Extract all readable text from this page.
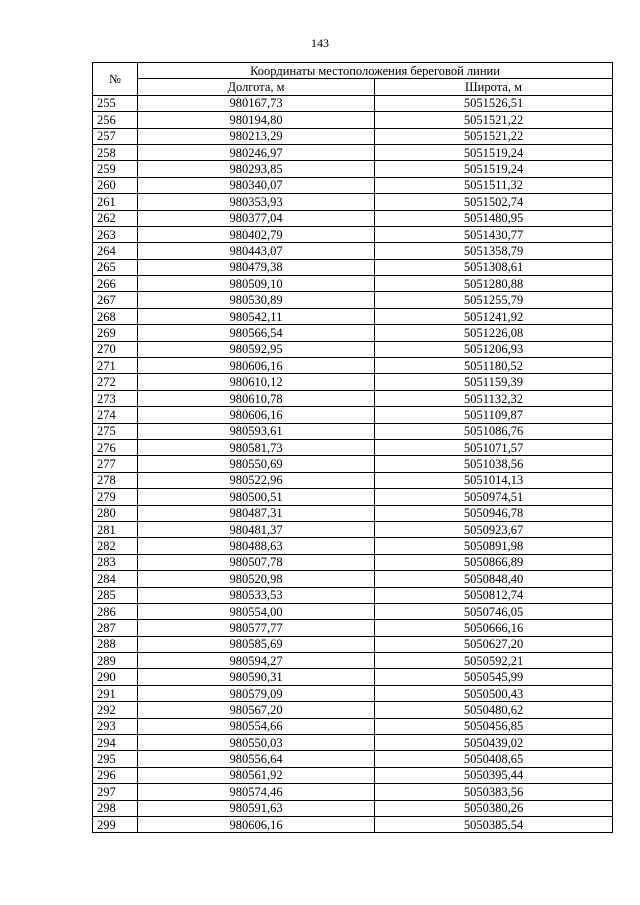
143
№	Координаты местоположения береговой линии	
	Долгота, м	Широта, м
255	980167,73	5051526,51
256	980194,80	5051521,22
257	980213,29	5051521,22
258	980246,97	5051519,24
259	980293,85	5051519,24
260	980340,07	5051511,32
261	980353,93	5051502,74
262	980377,04	5051480,95
263	980402,79	5051430,77
264	980443,07	5051358,79
265	980479,38	5051308,61
266	980509,10	5051280,88
267	980530,89	5051255,79
268	980542,11	5051241,92
269	980566,54	5051226,08
270	980592,95	5051206,93
271	980606,16	5051180,52
272	980610,12	5051159,39
273	980610,78	5051132,32
274	980606,16	5051109,87
275	980593,61	5051086,76
276	980581,73	5051071,57
277	980550,69	5051038,56
278	980522,96	5051014,13
279	980500,51	5050974,51
280	980487,31	5050946,78
281	980481,37	5050923,67
282	980488,63	5050891,98
283	980507,78	5050866,89
284	980520,98	5050848,40
285	980533,53	5050812,74
286	980554,00	5050746,05
287	980577,77	5050666,16
288	980585,69	5050627,20
289	980594,27	5050592,21
290	980590,31	5050545,99
291	980579,09	5050500,43
292	980567,20	5050480,62
293	980554,66	5050456,85
294	980550,03	5050439,02
295	980556,64	5050408,65
296	980561,92	5050395,44
297	980574,46	5050383,56
298	980591,63	5050380,26
299	980606,16	5050385,54
